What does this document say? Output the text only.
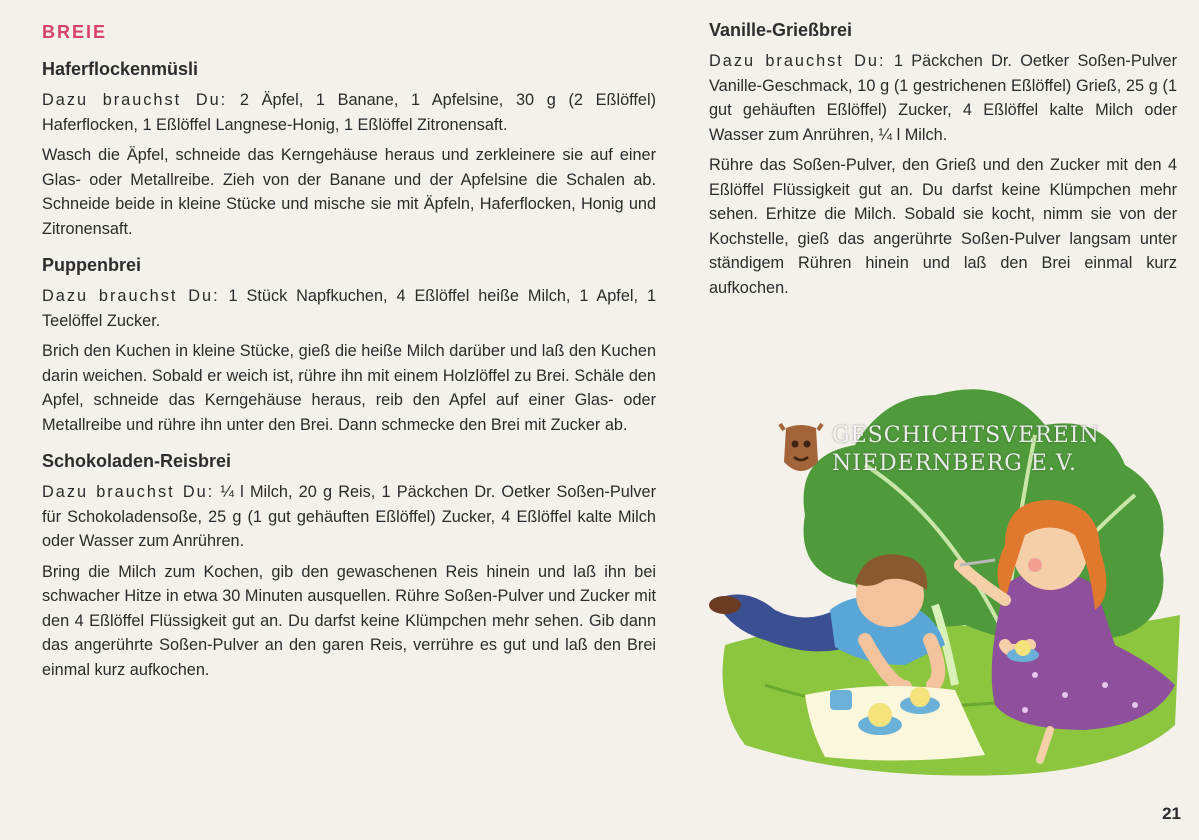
BREIE
Haferflockenmüsli

Dazu brauchst Du: 2 Äpfel, 1 Banane, 1 Apfelsine, 30 g (2 Eßlöffel) Haferflocken, 1 Eßlöffel Langnese-Honig, 1 Eßlöffel Zitronensaft.

Wasch die Äpfel, schneide das Kerngehäuse heraus und zerkleinere sie auf einer Glas- oder Metallreibe. Zieh von der Banane und der Apfelsine die Schalen ab. Schneide beide in kleine Stücke und mische sie mit Äpfeln, Haferflocken, Honig und Zitronensaft.

Puppenbrei

Dazu brauchst Du: 1 Stück Napfkuchen, 4 Eßlöffel heiße Milch, 1 Apfel, 1 Teelöffel Zucker.

Brich den Kuchen in kleine Stücke, gieß die heiße Milch darüber und laß den Kuchen darin weichen. Sobald er weich ist, rühre ihn mit einem Holzlöffel zu Brei. Schäle den Apfel, schneide das Kerngehäuse heraus, reib den Apfel auf einer Glas- oder Metallreibe und rühre ihn unter den Brei. Dann schmecke den Brei mit Zucker ab.

Schokoladen-Reisbrei

Dazu brauchst Du: ¼ l Milch, 20 g Reis, 1 Päckchen Dr. Oetker Soßen-Pulver für Schokoladensoße, 25 g (1 gut gehäuften Eßlöffel) Zucker, 4 Eßlöffel kalte Milch oder Wasser zum Anrühren.

Bring die Milch zum Kochen, gib den gewaschenen Reis hinein und laß ihn bei schwacher Hitze in etwa 30 Minuten ausquellen. Rühre Soßen-Pulver und Zucker mit den 4 Eßlöffel Flüssigkeit gut an. Du darfst keine Klümpchen mehr sehen. Gib dann das angerührte Soßen-Pulver an den garen Reis, verrühre es gut und laß den Brei einmal kurz aufkochen.

Vanille-Grießbrei

Dazu brauchst Du: 1 Päckchen Dr. Oetker Soßen-Pulver Vanille-Geschmack, 10 g (1 gestrichenen Eßlöffel) Grieß, 25 g (1 gut gehäuften Eßlöffel) Zucker, 4 Eßlöffel kalte Milch oder Wasser zum Anrühren, ¼ l Milch.

Rühre das Soßen-Pulver, den Grieß und den Zucker mit den 4 Eßlöffel Flüssigkeit gut an. Du darfst keine Klümpchen mehr sehen. Erhitze die Milch. Sobald sie kocht, nimm sie von der Kochstelle, gieß das angerührte Soßen-Pulver langsam unter ständigem Rühren hinein und laß den Brei einmal kurz aufkochen.

GESCHICHTSVEREIN
NIEDERNBERG E.V.
21
